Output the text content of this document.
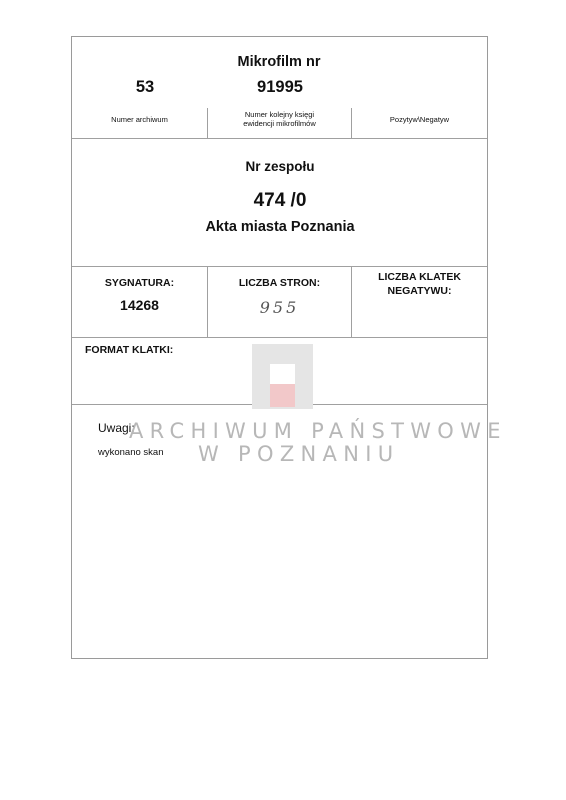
Mikrofilm nr
53	91995
Numer archiwum
Numer kolejny księgi
ewidencji mikrofilmów	Pozytyw\Negatyw
Nr zespołu
474 /0
Akta miasta Poznania
SYGNATURA:
14268
LICZBA STRON:
955
LICZBA KLATEK
NEGATYWU:
FORMAT KLATKI:
Uwagi:
wykonano skan
ARCHIWUM PAŃSTWOWE
W POZNANIU
